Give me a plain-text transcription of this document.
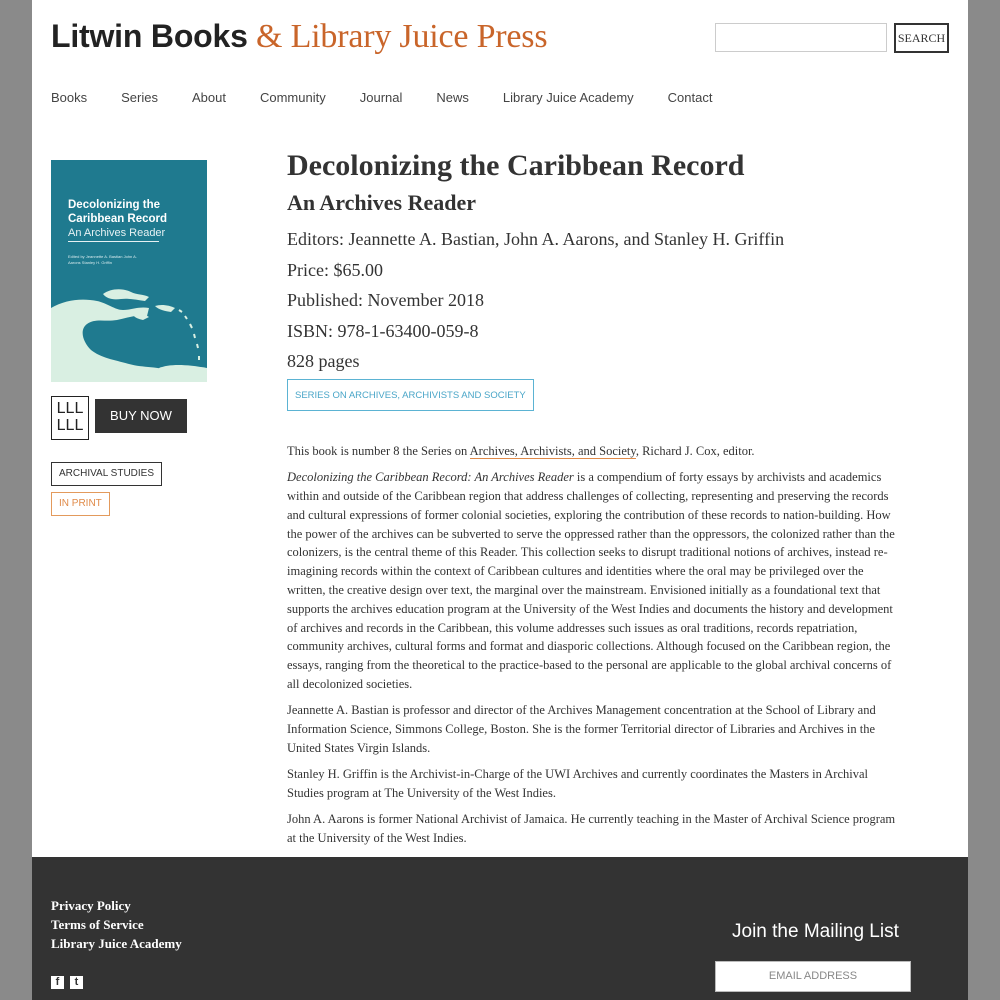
Litwin Books & Library Juice Press	SEARCH
Books	Series	About	Community	Journal	News	Library Juice Academy	Contact
Decolonizing the Caribbean Record
An Archives Reader
Edited by Jeannette A. Bastian John A. Aarons Stanley H. Griffin
LLL
LLL
BUY NOW
ARCHIVAL STUDIES
IN PRINT
Decolonizing the Caribbean Record
An Archives Reader
Editors: Jeannette A. Bastian, John A. Aarons, and Stanley H. Griffin
Price: $65.00
Published: November 2018
ISBN: 978-1-63400-059-8
828 pages
SERIES ON ARCHIVES, ARCHIVISTS AND SOCIETY

This book is number 8 the Series on Archives, Archivists, and Society, Richard J. Cox, editor.

Decolonizing the Caribbean Record: An Archives Reader is a compendium of forty essays by archivists and academics within and outside of the Caribbean region that address challenges of collecting, representing and preserving the records and cultural expressions of former colonial societies, exploring the contribution of these records to nation-building. How the power of the archives can be subverted to serve the oppressed rather than the oppressors, the colonized rather than the colonizers, is the central theme of this Reader. This collection seeks to disrupt traditional notions of archives, instead re-imagining records within the context of Caribbean cultures and identities where the oral may be privileged over the written, the creative design over text, the marginal over the mainstream. Envisioned initially as a foundational text that supports the archives education program at the University of the West Indies and documents the history and development of archives and records in the Caribbean, this volume addresses such issues as oral traditions, records repatriation, community archives, cultural forms and format and diasporic collections. Although focused on the Caribbean region, the essays, ranging from the theoretical to the practice-based to the personal are applicable to the global archival concerns of all decolonized societies.

Jeannette A. Bastian is professor and director of the Archives Management concentration at the School of Library and Information Science, Simmons College, Boston. She is the former Territorial director of Libraries and Archives in the United States Virgin Islands.

Stanley H. Griffin is the Archivist-in-Charge of the UWI Archives and currently coordinates the Masters in Archival Studies program at The University of the West Indies.

John A. Aarons is former National Archivist of Jamaica. He currently teaching in the Master of Archival Science program at the University of the West Indies.

Privacy Policy
Terms of Service
Library Juice Academy
f	t
Join the Mailing List
EMAIL ADDRESS
